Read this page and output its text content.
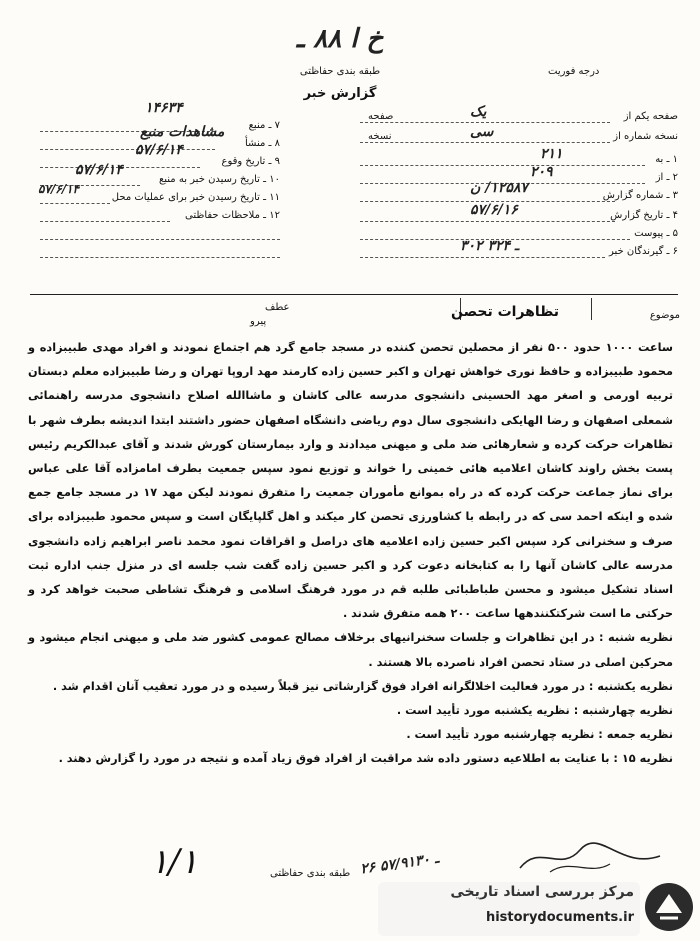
خ ا ۸۸ ـ
درجه فوریت
طبقه بندی حفاظتی
گزارش خبر
صفحه یکم از
صفحه	یک
نسخه شماره از
نسخه	سی
۱ ـ به
۲۱۱
۲ ـ از
۲۰۹
۳ ـ شماره گزارش
۱۲۵۸۷/ ن
۴ ـ تاریخ گزارش
۵۷/۶/۱۶
۵ ـ پیوست
۶ ـ گیرندگان خبر
۳۰۲ ـ ۳۲۴
۷ ـ منبع
۱۴۶۳۴
۸ ـ منشأ
مشاهدات منبع
۹ ـ تاریخ وقوع
۵۷/۶/۱۴
۱۰ ـ تاریخ رسیدن خبر به منبع
۵۷/۶/۱۴
۱۱ ـ تاریخ رسیدن خبر برای عملیات محل
۵۷/۶/۱۴
۱۲ ـ ملاحظات حفاظتی
موضوع
تظاهرات تحصن
عطف
پیرو
ساعت ۱۰۰۰ حدود ۵۰۰ نفر از محصلین تحصن کننده در مسجد جامع گرد هم اجتماع نمودند و افراد مهدی طبیبزاده و محمود طبیبزاده و حافظ نوری خواهش تهران و اکبر حسین زاده کارمند مهد اروپا تهران و رضا طبیبزاده معلم دبستان تربیه اورمی و اصغر مهد الحسینی دانشجوی مدرسه عالی کاشان و ماشاالله اصلاح دانشجوی مدرسه راهنمائی شمعلی اصفهان و رضا الهایکی دانشجوی سال دوم ریاضی دانشگاه اصفهان حضور داشتند ابتدا اندیشه بطرف شهر با تظاهرات حرکت کرده و شعارهائی ضد ملی و میهنی میدادند و وارد بیمارستان کورش شدند و آقای عبدالکریم رئیس پست بخش راوند کاشان اعلامیه هائی خمینی را خواند و توزیع نمود سپس جمعیت بطرف امامزاده آقا علی عباس برای نماز جماعت حرکت کرده که در راه بموانع مأموران جمعیت را متفرق نمودند لیکن مهد ۱۷ در مسجد جامع جمع شده و اینکه احمد سی که در رابطه با کشاورزی تحصن کار میکند و اهل گلپایگان است و سپس محمود طبیبزاده برای صرف و سخنرانی کرد سپس اکبر حسین زاده اعلامیه های دراصل و اقراقات نمود محمد ناصر ابراهیم زاده دانشجوی مدرسه عالی کاشان آنها را به کتابخانه دعوت کرد و اکبر حسین زاده گفت شب جلسه ای در منزل جنب اداره ثبت اسناد تشکیل میشود و محسن طباطبائی طلبه قم در مورد فرهنگ اسلامی و فرهنگ تشاطی صحبت خواهد کرد و حرکتی ما است شرکتکنندهها ساعت ۲۰۰ همه متفرق شدند .
نظریه شنبه : در این تظاهرات و جلسات سخنرانیهای برخلاف مصالح عمومی کشور ضد ملی و میهنی انجام میشود و محرکین اصلی در ستاد تحصن افراد ناصرده بالا هستند .
نظریه یکشنبه : در مورد فعالیت اخلالگرانه افراد فوق گزارشاتی نیز قبلاً رسیده و در مورد تعقیب آنان اقدام شد .
نظریه چهارشنبه : نظریه یکشنبه مورد تأیید است .
نظریه جمعه : نظریه چهارشنبه مورد تأیید است .
نظریه ۱۵ : با عنایت به اطلاعیه دستور داده شد مراقبت از افراد فوق زیاد آمده و نتیجه در مورد را گزارش دهند .
۱/۱	طبقه بندی حفاظتی ۲۶ ـ ۵۷/۹۱۳۰
مرکز بررسی اسناد تاریخی
historydocuments.ir
